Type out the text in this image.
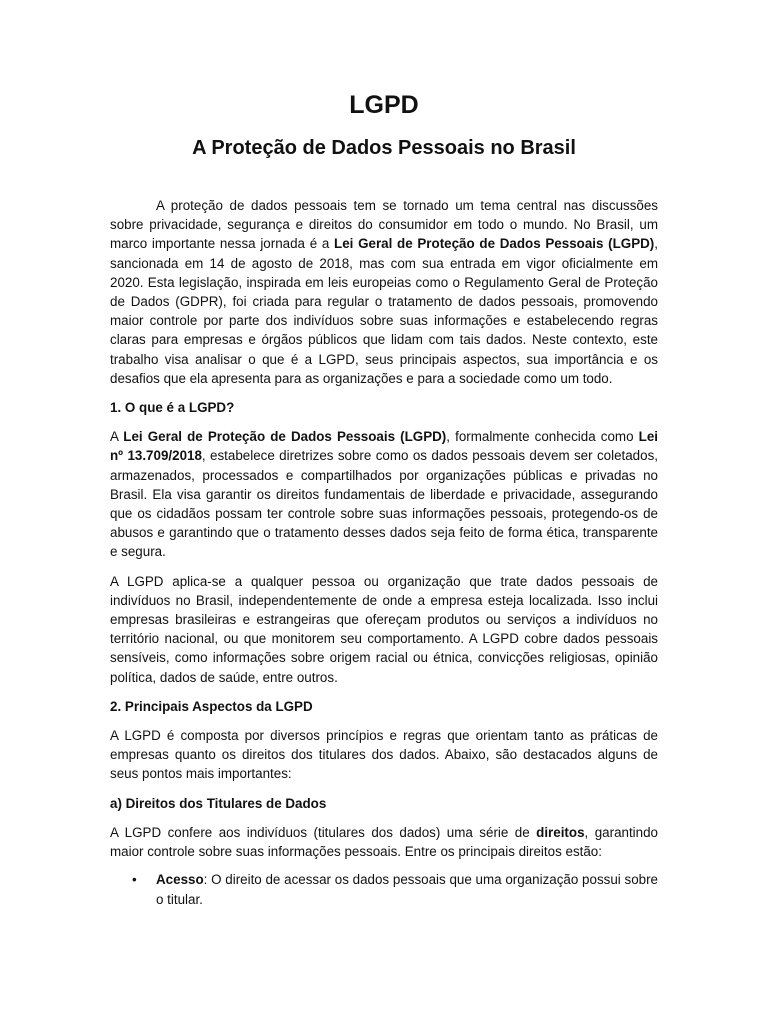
LGPD
A Proteção de Dados Pessoais no Brasil

A proteção de dados pessoais tem se tornado um tema central nas discussões sobre privacidade, segurança e direitos do consumidor em todo o mundo. No Brasil, um marco importante nessa jornada é a Lei Geral de Proteção de Dados Pessoais (LGPD), sancionada em 14 de agosto de 2018, mas com sua entrada em vigor oficialmente em 2020. Esta legislação, inspirada em leis europeias como o Regulamento Geral de Proteção de Dados (GDPR), foi criada para regular o tratamento de dados pessoais, promovendo maior controle por parte dos indivíduos sobre suas informações e estabelecendo regras claras para empresas e órgãos públicos que lidam com tais dados. Neste contexto, este trabalho visa analisar o que é a LGPD, seus principais aspectos, sua importância e os desafios que ela apresenta para as organizações e para a sociedade como um todo.

1. O que é a LGPD?

A Lei Geral de Proteção de Dados Pessoais (LGPD), formalmente conhecida como Lei nº 13.709/2018, estabelece diretrizes sobre como os dados pessoais devem ser coletados, armazenados, processados e compartilhados por organizações públicas e privadas no Brasil. Ela visa garantir os direitos fundamentais de liberdade e privacidade, assegurando que os cidadãos possam ter controle sobre suas informações pessoais, protegendo-os de abusos e garantindo que o tratamento desses dados seja feito de forma ética, transparente e segura.

A LGPD aplica-se a qualquer pessoa ou organização que trate dados pessoais de indivíduos no Brasil, independentemente de onde a empresa esteja localizada. Isso inclui empresas brasileiras e estrangeiras que ofereçam produtos ou serviços a indivíduos no território nacional, ou que monitorem seu comportamento. A LGPD cobre dados pessoais sensíveis, como informações sobre origem racial ou étnica, convicções religiosas, opinião política, dados de saúde, entre outros.

2. Principais Aspectos da LGPD

A LGPD é composta por diversos princípios e regras que orientam tanto as práticas de empresas quanto os direitos dos titulares dos dados. Abaixo, são destacados alguns de seus pontos mais importantes:

a) Direitos dos Titulares de Dados

A LGPD confere aos indivíduos (titulares dos dados) uma série de direitos, garantindo maior controle sobre suas informações pessoais. Entre os principais direitos estão:

• Acesso: O direito de acessar os dados pessoais que uma organização possui sobre o titular.
